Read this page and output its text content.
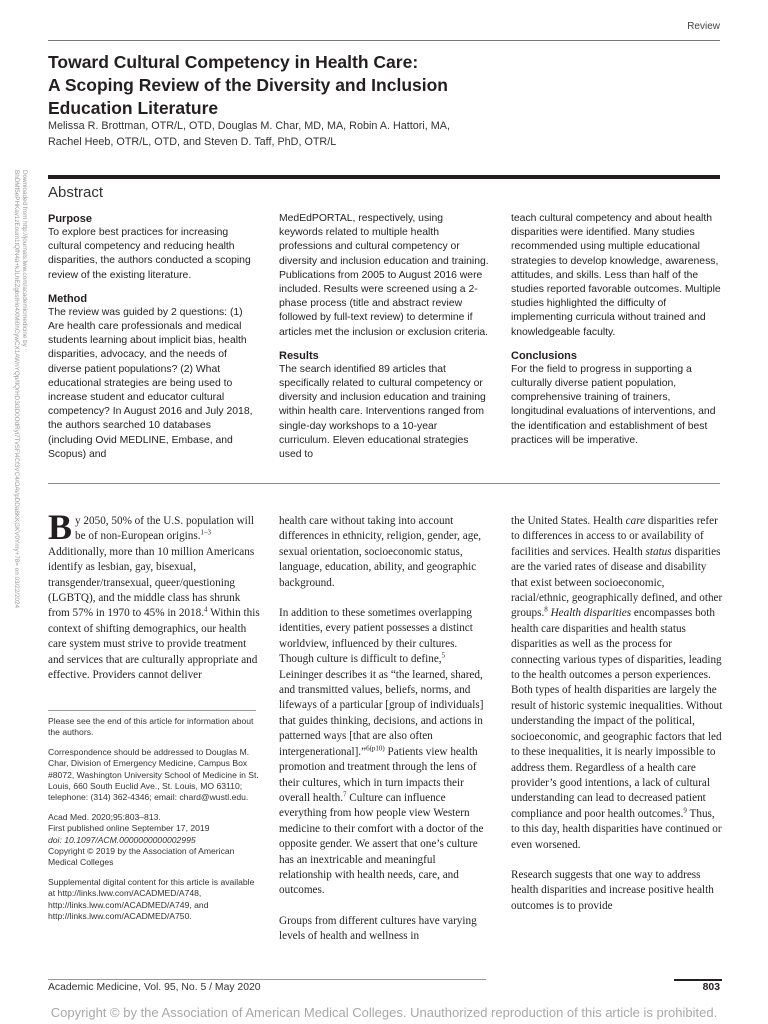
Review
Toward Cultural Competency in Health Care:
A Scoping Review of the Diversity and Inclusion
Education Literature
Melissa R. Brottman, OTR/L, OTD, Douglas M. Char, MD, MA, Robin A. Hattori, MA,
Rachel Heeb, OTR/L, OTD, and Steven D. Taff, PhD, OTR/L
Downloaded from http://journals.lww.com/academicmedicine by BhDMf5ePHKav1zEoum1tQfN4a+kJLhEZgbsIHo4XMi0hCywCX1AWnYQp/IlQrHD3i3D0OdRyi7TvSFl4Cf3VC4/OAVpDDa8KKGKV0Ymy+78= on 03/22/2024	Abstract
Purpose

To explore best practices for increasing cultural competency and reducing health disparities, the authors conducted a scoping review of the existing literature.

Method

The review was guided by 2 questions: (1) Are health care professionals and medical students learning about implicit bias, health disparities, advocacy, and the needs of diverse patient populations? (2) What educational strategies are being used to increase student and educator cultural competency? In August 2016 and July 2018, the authors searched 10 databases (including Ovid MEDLINE, Embase, and Scopus) and

MedEdPORTAL, respectively, using keywords related to multiple health professions and cultural competency or diversity and inclusion education and training. Publications from 2005 to August 2016 were included. Results were screened using a 2-phase process (title and abstract review followed by full-text review) to determine if articles met the inclusion or exclusion criteria.

Results

The search identified 89 articles that specifically related to cultural competency or diversity and inclusion education and training within health care. Interventions ranged from single-day workshops to a 10-year curriculum. Eleven educational strategies used to

teach cultural competency and about health disparities were identified. Many studies recommended using multiple educational strategies to develop knowledge, awareness, attitudes, and skills. Less than half of the studies reported favorable outcomes. Multiple studies highlighted the difficulty of implementing curricula without trained and knowledgeable faculty.

Conclusions

For the field to progress in supporting a culturally diverse patient population, comprehensive training of trainers, longitudinal evaluations of interventions, and the identification and establishment of best practices will be imperative.

By 2050, 50% of the U.S. population will be of non-European origins.$^{1-3}$ Additionally, more than 10 million Americans identify as lesbian, gay, bisexual, transgender/transexual, queer/questioning (LGBTQ), and the middle class has shrunk from 57% in 1970 to 45% in 2018.$^4$ Within this context of shifting demographics, our health care system must strive to provide treatment and services that are culturally appropriate and effective. Providers cannot deliver

Please see the end of this article for information about the authors.

Correspondence should be addressed to Douglas M. Char, Division of Emergency Medicine, Campus Box #8072, Washington University School of Medicine in St. Louis, 660 South Euclid Ave., St. Louis, MO 63110; telephone: (314) 362-4346; email: chard@wustl.edu.

Acad Med. 2020;95:803–813.
First published online September 17, 2019
doi: 10.1097/ACM.0000000000002995
Copyright © 2019 by the Association of American
Medical Colleges

Supplemental digital content for this article is available at http://links.lww.com/ACADMED/A748, http://links.lww.com/ACADMED/A749, and http://links.lww.com/ACADMED/A750.

health care without taking into account differences in ethnicity, religion, gender, age, sexual orientation, socioeconomic status, language, education, ability, and geographic background.

In addition to these sometimes overlapping identities, every patient possesses a distinct worldview, influenced by their cultures. Though culture is difficult to define,$^5$ Leininger describes it as “the learned, shared, and transmitted values, beliefs, norms, and lifeways of a particular [group of individuals] that guides thinking, decisions, and actions in patterned ways [that are also often intergenerational].”$^{6(p10)}$ Patients view health promotion and treatment through the lens of their cultures, which in turn impacts their overall health.$^7$ Culture can influence everything from how people view Western medicine to their comfort with a doctor of the opposite gender. We assert that one’s culture has an inextricable and meaningful relationship with health needs, care, and outcomes.

Groups from different cultures have varying levels of health and wellness in

the United States. Health care disparities refer to differences in access to or availability of facilities and services. Health status disparities are the varied rates of disease and disability that exist between socioeconomic, racial/ethnic, geographically defined, and other groups.$^8$ Health disparities encompasses both health care disparities and health status disparities as well as the process for connecting various types of disparities, leading to the health outcomes a person experiences. Both types of health disparities are largely the result of historic systemic inequalities. Without understanding the impact of the political, socioeconomic, and geographic factors that led to these inequalities, it is nearly impossible to address them. Regardless of a health care provider’s good intentions, a lack of cultural understanding can lead to decreased patient compliance and poor health outcomes.$^9$ Thus, to this day, health disparities have continued or even worsened.

Research suggests that one way to address health disparities and increase positive health outcomes is to provide

Academic Medicine, Vol. 95, No. 5 / May 2020	803
Copyright © by the Association of American Medical Colleges. Unauthorized reproduction of this article is prohibited.
